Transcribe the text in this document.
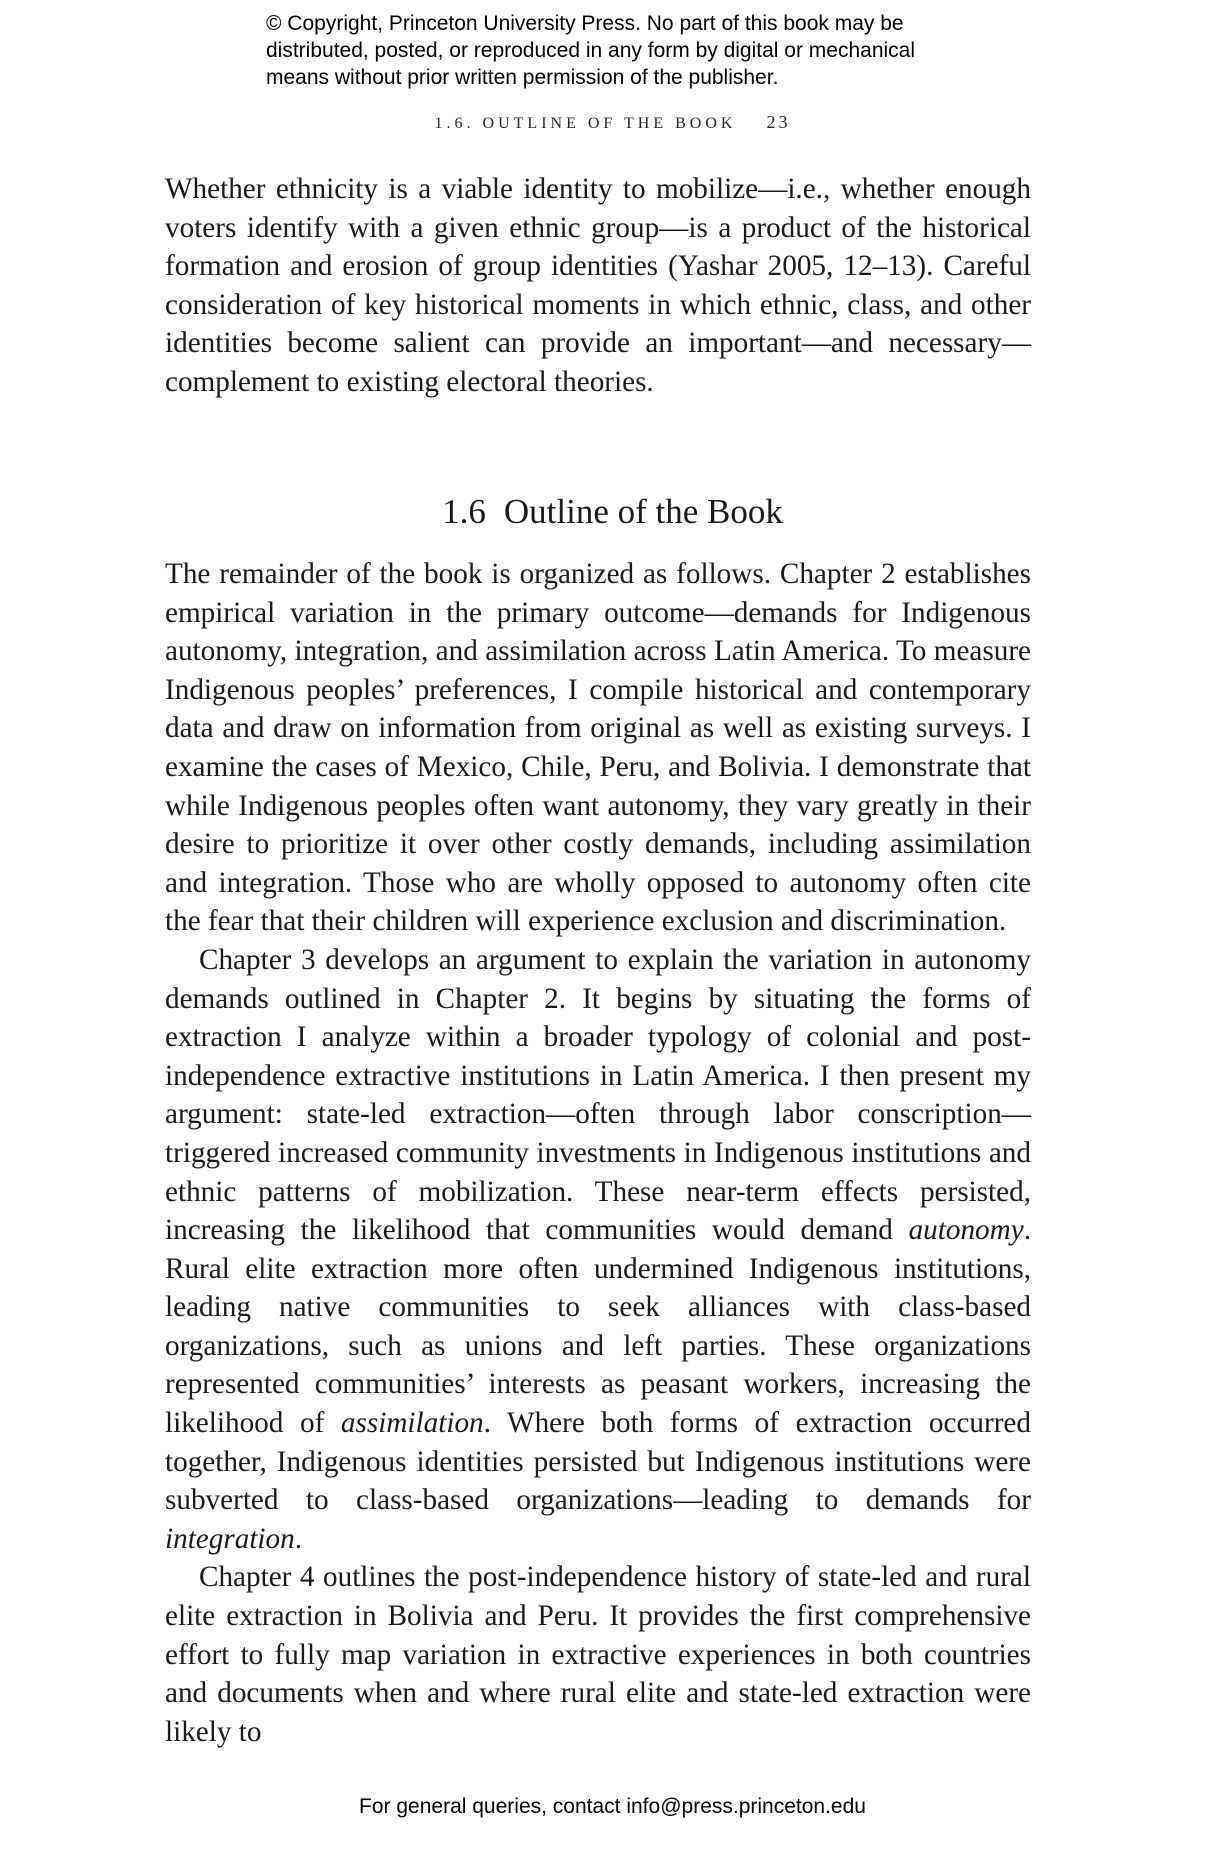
© Copyright, Princeton University Press. No part of this book may be
distributed, posted, or reproduced in any form by digital or mechanical
means without prior written permission of the publisher.
1.6. OUTLINE OF THE BOOK 23

Whether ethnicity is a viable identity to mobilize—i.e., whether enough voters identify with a given ethnic group—is a product of the historical formation and erosion of group identities (Yashar 2005, 12–13). Careful consideration of key historical moments in which ethnic, class, and other identities become salient can provide an important—and necessary—complement to existing electoral theories.

1.6 Outline of the Book

The remainder of the book is organized as follows. Chapter 2 establishes empirical variation in the primary outcome—demands for Indigenous autonomy, integration, and assimilation across Latin America. To measure Indigenous peoples’ preferences, I compile historical and contemporary data and draw on information from original as well as existing surveys. I examine the cases of Mexico, Chile, Peru, and Bolivia. I demonstrate that while Indigenous peoples often want autonomy, they vary greatly in their desire to prioritize it over other costly demands, including assimilation and integration. Those who are wholly opposed to autonomy often cite the fear that their children will experience exclusion and discrimination.

Chapter 3 develops an argument to explain the variation in autonomy demands outlined in Chapter 2. It begins by situating the forms of extraction I analyze within a broader typology of colonial and post-independence extractive institutions in Latin America. I then present my argument: state-led extraction—often through labor conscription—triggered increased community investments in Indigenous institutions and ethnic patterns of mobilization. These near-term effects persisted, increasing the likelihood that communities would demand autonomy. Rural elite extraction more often undermined Indigenous institutions, leading native communities to seek alliances with class-based organizations, such as unions and left parties. These organizations represented communities’ interests as peasant workers, increasing the likelihood of assimilation. Where both forms of extraction occurred together, Indigenous identities persisted but Indigenous institutions were subverted to class-based organizations—leading to demands for integration.

Chapter 4 outlines the post-independence history of state-led and rural elite extraction in Bolivia and Peru. It provides the first comprehensive effort to fully map variation in extractive experiences in both countries and documents when and where rural elite and state-led extraction were likely to

For general queries, contact info@press.princeton.edu
